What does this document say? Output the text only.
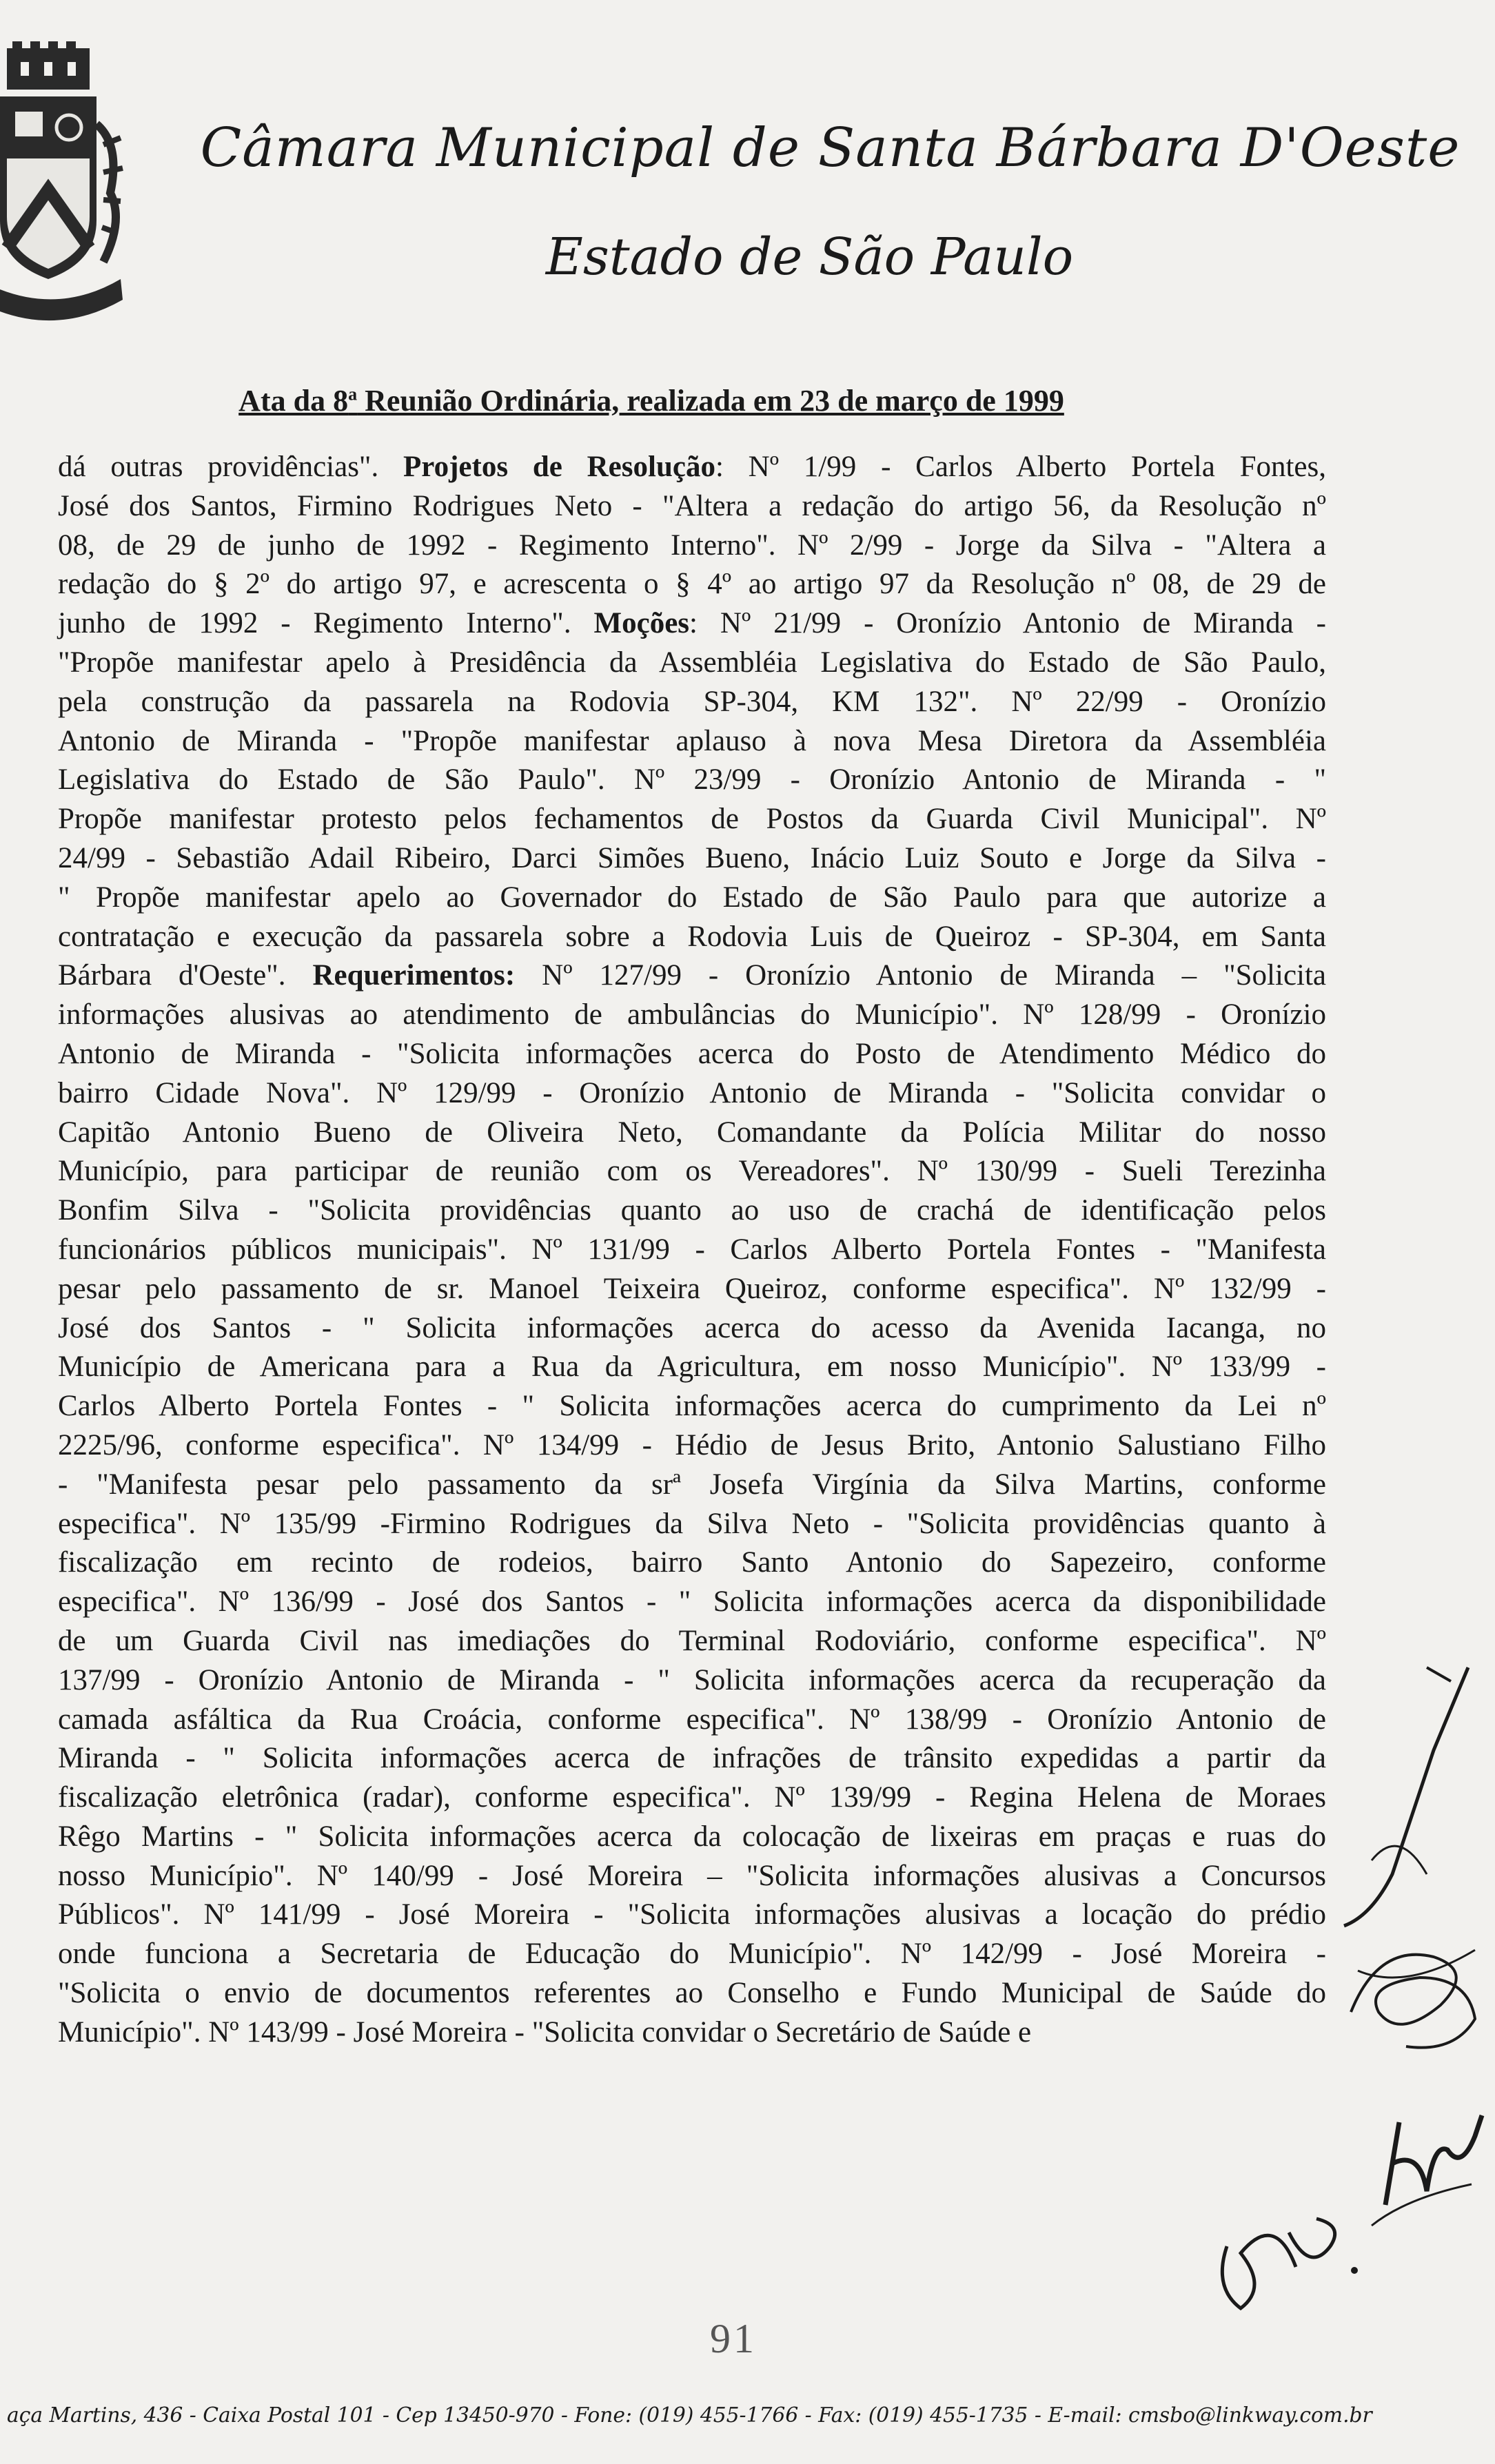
Câmara Municipal de Santa Bárbara D'Oeste
Estado de São Paulo
Ata da 8$^a$ Reunião Ordinária, realizada em 23 de março de 1999
dá outras providências". Projetos de Resolução: Nº 1/99 - Carlos Alberto Portela Fontes,
José dos Santos, Firmino Rodrigues Neto - "Altera a redação do artigo 56, da Resolução nº
08, de 29 de junho de 1992 - Regimento Interno". Nº 2/99 - Jorge da Silva - "Altera a
redação do § 2º do artigo 97, e acrescenta o § 4º ao artigo 97 da Resolução nº 08, de 29 de
junho de 1992 - Regimento Interno". Moções: Nº 21/99 - Oronízio Antonio de Miranda -
"Propõe manifestar apelo à Presidência da Assembléia Legislativa do Estado de São Paulo,
pela construção da passarela na Rodovia SP-304, KM 132". Nº 22/99 - Oronízio
Antonio de Miranda - "Propõe manifestar aplauso à nova Mesa Diretora da Assembléia
Legislativa do Estado de São Paulo". Nº 23/99 - Oronízio Antonio de Miranda - "
Propõe manifestar protesto pelos fechamentos de Postos da Guarda Civil Municipal". Nº
24/99 - Sebastião Adail Ribeiro, Darci Simões Bueno, Inácio Luiz Souto e Jorge da Silva -
" Propõe manifestar apelo ao Governador do Estado de São Paulo para que autorize a
contratação e execução da passarela sobre a Rodovia Luis de Queiroz - SP-304, em Santa
Bárbara d'Oeste". Requerimentos: Nº 127/99 - Oronízio Antonio de Miranda – "Solicita
informações alusivas ao atendimento de ambulâncias do Município". Nº 128/99 - Oronízio
Antonio de Miranda - "Solicita informações acerca do Posto de Atendimento Médico do
bairro Cidade Nova". Nº 129/99 - Oronízio Antonio de Miranda - "Solicita convidar o
Capitão Antonio Bueno de Oliveira Neto, Comandante da Polícia Militar do nosso
Município, para participar de reunião com os Vereadores". Nº 130/99 - Sueli Terezinha
Bonfim Silva - "Solicita providências quanto ao uso de crachá de identificação pelos
funcionários públicos municipais". Nº 131/99 - Carlos Alberto Portela Fontes - "Manifesta
pesar pelo passamento de sr. Manoel Teixeira Queiroz, conforme especifica". Nº 132/99 -
José dos Santos - " Solicita informações acerca do acesso da Avenida Iacanga, no
Município de Americana para a Rua da Agricultura, em nosso Município". Nº 133/99 -
Carlos Alberto Portela Fontes - " Solicita informações acerca do cumprimento da Lei nº
2225/96, conforme especifica". Nº 134/99 - Hédio de Jesus Brito, Antonio Salustiano Filho
- "Manifesta pesar pelo passamento da srª Josefa Virgínia da Silva Martins, conforme
especifica". Nº 135/99 -Firmino Rodrigues da Silva Neto - "Solicita providências quanto à
fiscalização em recinto de rodeios, bairro Santo Antonio do Sapezeiro, conforme
especifica". Nº 136/99 - José dos Santos - " Solicita informações acerca da disponibilidade
de um Guarda Civil nas imediações do Terminal Rodoviário, conforme especifica". Nº
137/99 - Oronízio Antonio de Miranda - " Solicita informações acerca da recuperação da
camada asfáltica da Rua Croácia, conforme especifica". Nº 138/99 - Oronízio Antonio de
Miranda - " Solicita informações acerca de infrações de trânsito expedidas a partir da
fiscalização eletrônica (radar), conforme especifica". Nº 139/99 - Regina Helena de Moraes
Rêgo Martins - " Solicita informações acerca da colocação de lixeiras em praças e ruas do
nosso Município". Nº 140/99 - José Moreira – "Solicita informações alusivas a Concursos
Públicos". Nº 141/99 - José Moreira - "Solicita informações alusivas a locação do prédio
onde funciona a Secretaria de Educação do Município". Nº 142/99 - José Moreira -
"Solicita o envio de documentos referentes ao Conselho e Fundo Municipal de Saúde do
Município". Nº 143/99 - José Moreira - "Solicita convidar o Secretário de Saúde e
91
aça Martins, 436 - Caixa Postal 101 - Cep 13450-970 - Fone: (019) 455-1766 - Fax: (019) 455-1735 - E-mail: cmsbo@linkway.com.br
